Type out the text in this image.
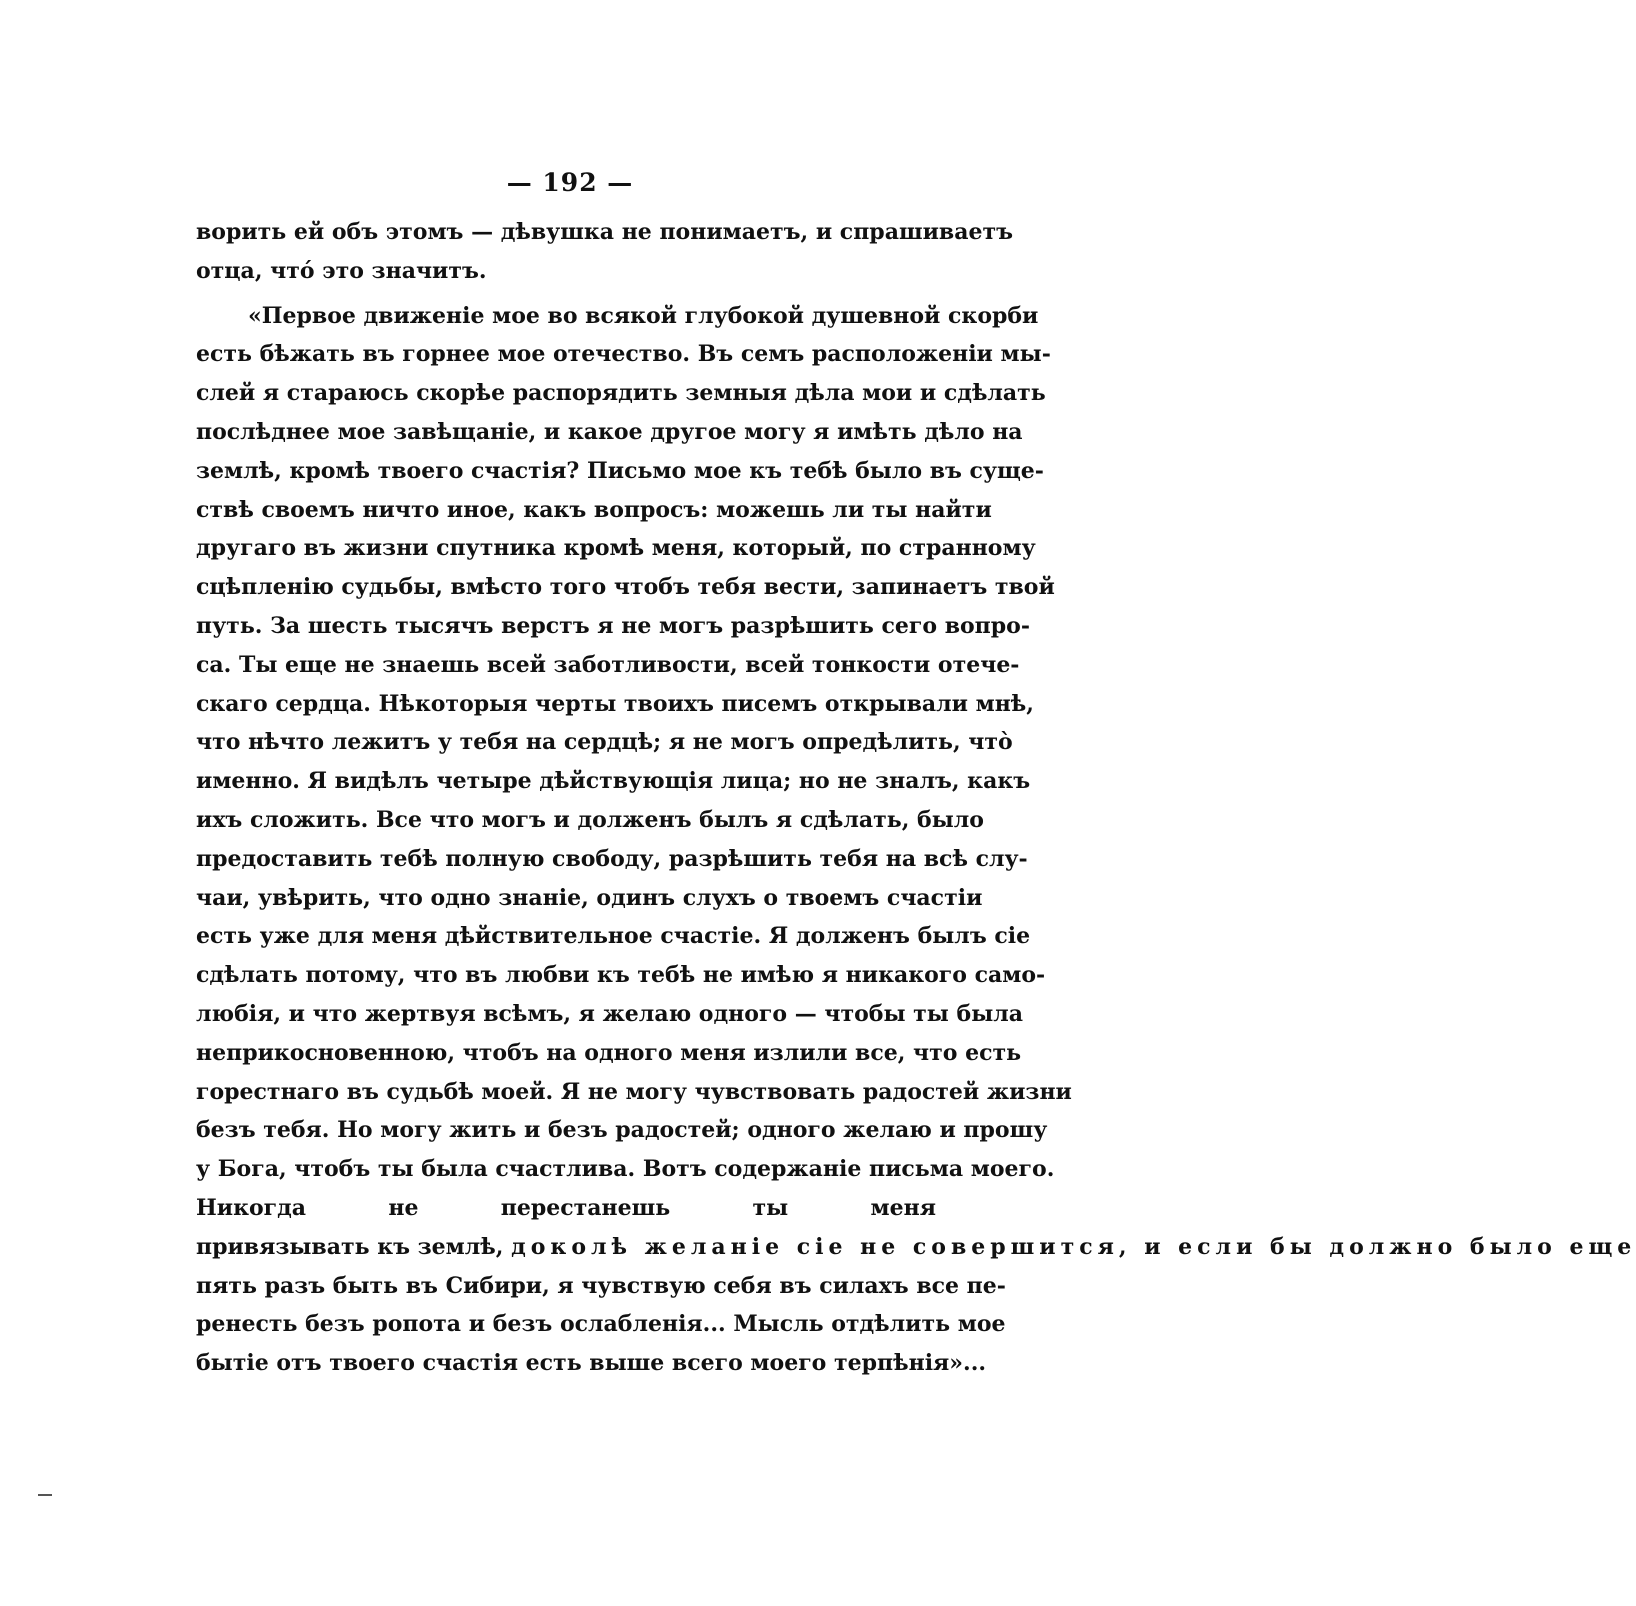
— 192 —
ворить ей объ этомъ — дѣвушка не понимаетъ, и спрашиваетъ
отца, чтó это значитъ.
«Первое движеніе мое во всякой глубокой душевной скорби
есть бѣжать въ горнее мое отечество. Въ семъ расположеніи мы-
слей я стараюсь скорѣе распорядить земныя дѣла мои и сдѣлать
послѣднее мое завѣщаніе, и какое другое могу я имѣть дѣло на
землѣ, кромѣ твоего счастія? Письмо мое къ тебѣ было въ суще-
ствѣ своемъ ничто иное, какъ вопросъ: можешь ли ты найти
другаго въ жизни спутника кромѣ меня, который, по странному
сцѣпленію судьбы, вмѣсто того чтобъ тебя вести, запинаетъ твой
путь. За шесть тысячъ верстъ я не могъ разрѣшить сего вопро-
са. Ты еще не знаешь всей заботливости, всей тонкости отече-
скаго сердца. Нѣкоторыя черты твоихъ писемъ открывали мнѣ,
что нѣчто лежитъ у тебя на сердцѣ; я не могъ опредѣлить, чтò
именно. Я видѣлъ четыре дѣйствующія лица; но не зналъ, какъ
ихъ сложить. Все что могъ и долженъ былъ я сдѣлать, было
предоставить тебѣ полную свободу, разрѣшить тебя на всѣ слу-
чаи, увѣрить, что одно знаніе, одинъ слухъ о твоемъ счастіи
есть уже для меня дѣйствительное счастіе. Я долженъ былъ сіе
сдѣлать потому, что въ любви къ тебѣ не имѣю я никакого само-
любія, и что жертвуя всѣмъ, я желаю одного — чтобы ты была
неприкосновенною, чтобъ на одного меня излили все, что есть
горестнаго въ судьбѣ моей. Я не могу чувствовать радостей жизни
безъ тебя. Но могу жить и безъ радостей; одного желаю и прошу
у Бога, чтобъ ты была счастлива. Вотъ содержаніе письма моего.
Никогда не перестанешь ты меня
привязывать къ землѣ, доколѣ желаніе сіе не совершится, и если бы должно было еще
пять разъ быть въ Сибири, я чувствую себя въ силахъ все пе-
ренесть безъ ропота и безъ ослабленія... Мысль отдѣлить мое
бытіе отъ твоего счастія есть выше всего моего терпѣнія»...
